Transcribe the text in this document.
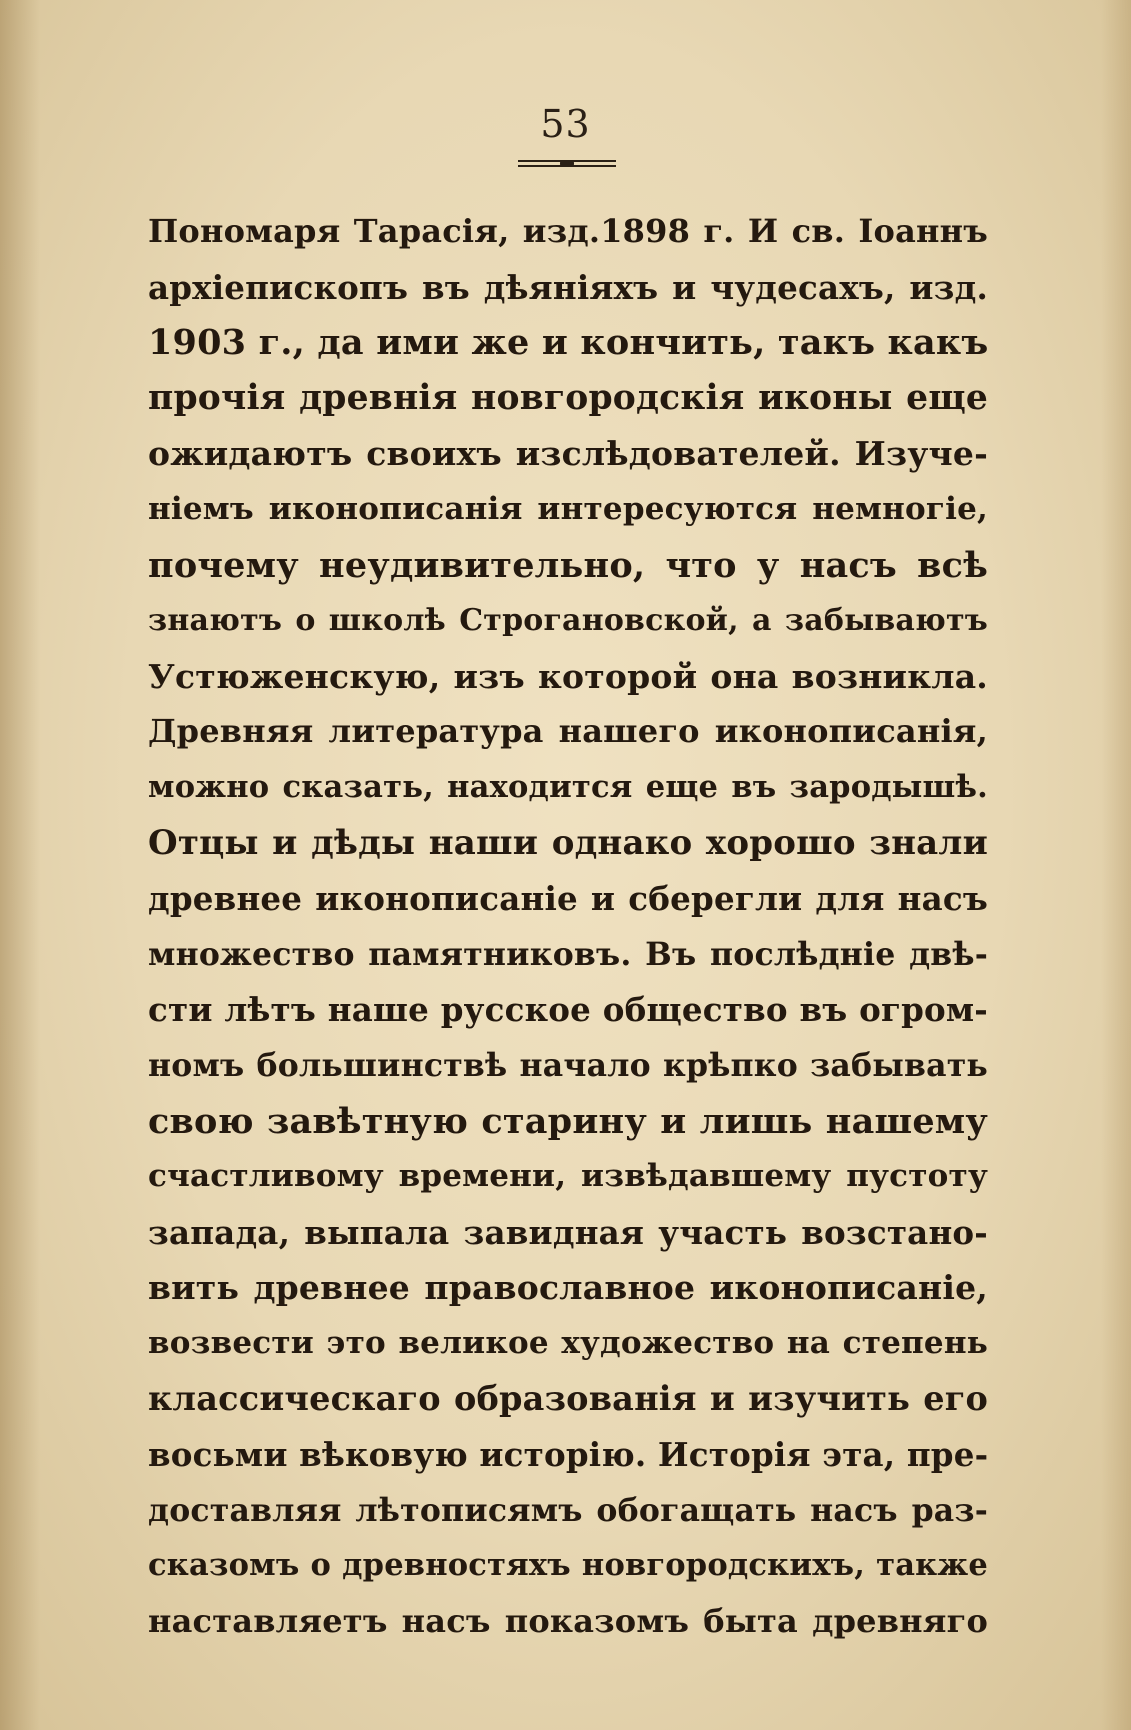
53
Пономаря Тарасія, изд.1898 г. И св. Іоаннъ
архіепископъ въ дѣяніяхъ и чудесахъ, изд.
1903 г., да ими же и кончить, такъ какъ
прочія древнія новгородскія иконы еще
ожидаютъ своихъ изслѣдователей. Изуче-
ніемъ иконописанія интересуются немногіе,
почему неудивительно, что у насъ всѣ
знаютъ о школѣ Строгановской, а забываютъ
Устюженскую, изъ которой она возникла.
Древняя литература нашего иконописанія,
можно сказать, находится еще въ зародышѣ.
Отцы и дѣды наши однако хорошо знали
древнее иконописаніе и сберегли для насъ
множество памятниковъ. Въ послѣдніе двѣ-
сти лѣтъ наше русское общество въ огром-
номъ большинствѣ начало крѣпко забывать
свою завѣтную старину и лишь нашему
счастливому времени, извѣдавшему пустоту
запада, выпала завидная участь возстано-
вить древнее православное иконописаніе,
возвести это великое художество на степень
классическаго образованія и изучить его
восьми вѣковую исторію. Исторія эта, пре-
доставляя лѣтописямъ обогащать насъ раз-
сказомъ о древностяхъ новгородскихъ, также
наставляетъ насъ показомъ быта древняго
